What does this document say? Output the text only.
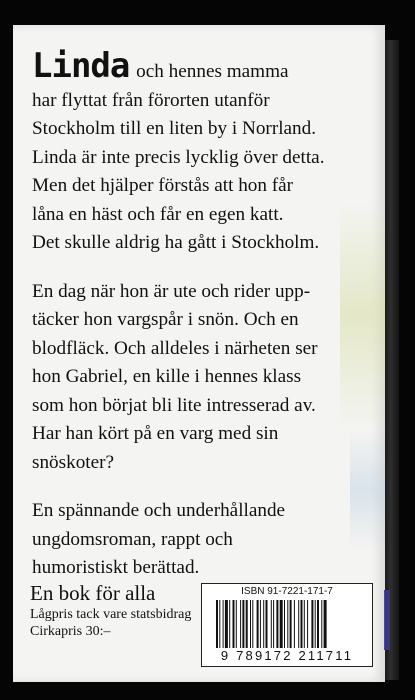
Linda och hennes mamma
har flyttat från förorten utanför
Stockholm till en liten by i Norrland.
Linda är inte precis lycklig över detta.
Men det hjälper förstås att hon får
låna en häst och får en egen katt.
Det skulle aldrig ha gått i Stockholm.

En dag när hon är ute och rider upp-
täcker hon vargspår i snön. Och en
blodfläck. Och alldeles i närheten ser
hon Gabriel, en kille i hennes klass
som hon börjat bli lite intresserad av.
Har han kört på en varg med sin
snöskoter?

En spännande och underhållande
ungdomsroman, rappt och
humoristiskt berättad.

En bok för alla
Lågpris tack vare statsbidrag
Cirkapris 30:–
ISBN 91-7221-171-7
9 789172 211711
